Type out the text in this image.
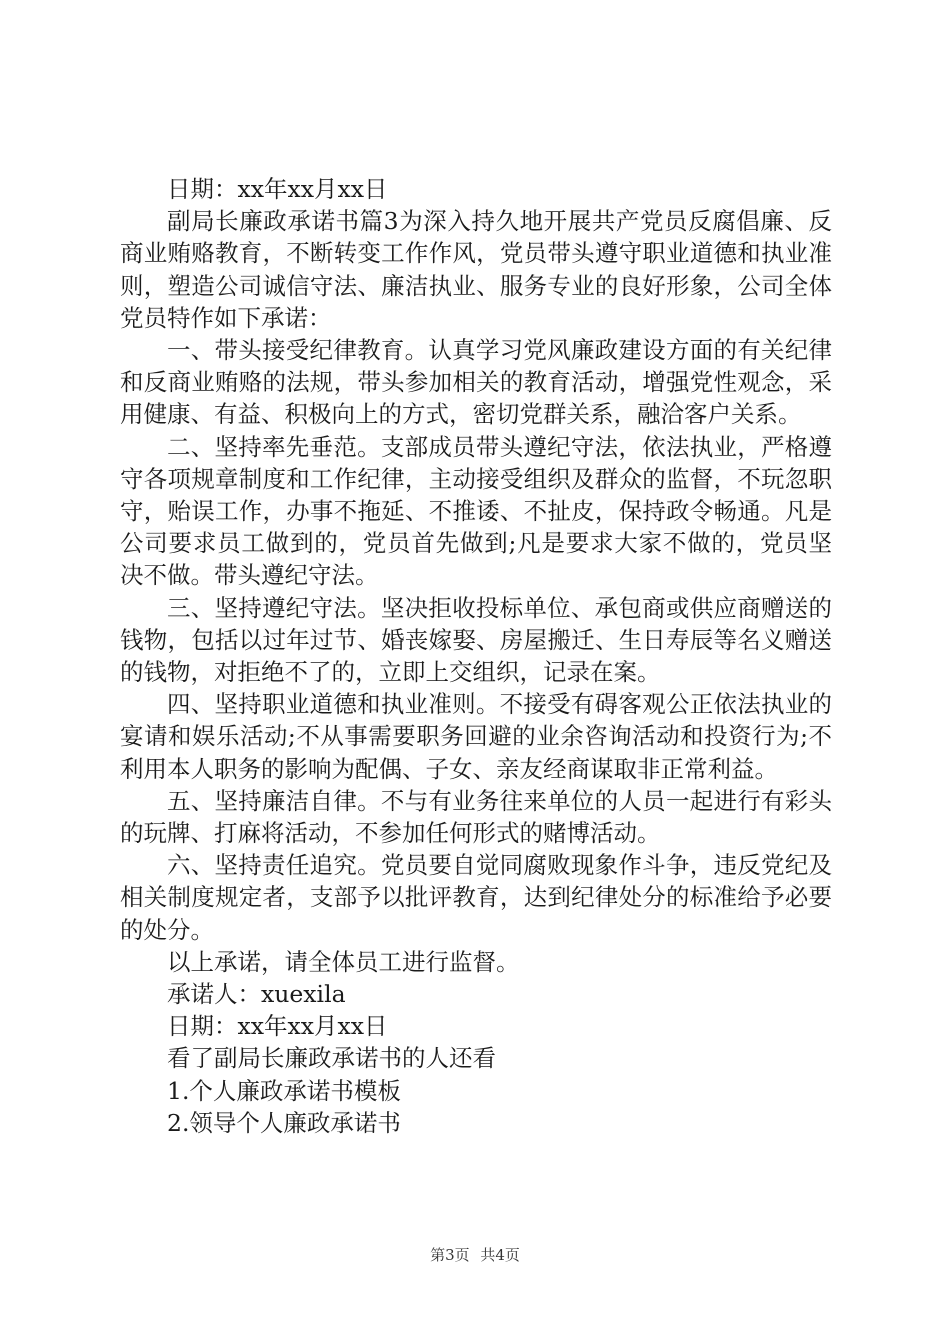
日期：xx年xx月xx日

副局长廉政承诺书篇3为深入持久地开展共产党员反腐倡廉、反商业贿赂教育，不断转变工作作风，党员带头遵守职业道德和执业准则，塑造公司诚信守法、廉洁执业、服务专业的良好形象，公司全体党员特作如下承诺：

一、带头接受纪律教育。认真学习党风廉政建设方面的有关纪律和反商业贿赂的法规，带头参加相关的教育活动，增强党性观念，采用健康、有益、积极向上的方式，密切党群关系，融洽客户关系。

二、坚持率先垂范。支部成员带头遵纪守法，依法执业，严格遵守各项规章制度和工作纪律，主动接受组织及群众的监督，不玩忽职守，贻误工作，办事不拖延、不推诿、不扯皮，保持政令畅通。凡是公司要求员工做到的，党员首先做到;凡是要求大家不做的，党员坚决不做。带头遵纪守法。

三、坚持遵纪守法。坚决拒收投标单位、承包商或供应商赠送的钱物，包括以过年过节、婚丧嫁娶、房屋搬迁、生日寿辰等名义赠送的钱物，对拒绝不了的，立即上交组织，记录在案。

四、坚持职业道德和执业准则。不接受有碍客观公正依法执业的宴请和娱乐活动;不从事需要职务回避的业余咨询活动和投资行为;不利用本人职务的影响为配偶、子女、亲友经商谋取非正常利益。

五、坚持廉洁自律。不与有业务往来单位的人员一起进行有彩头的玩牌、打麻将活动，不参加任何形式的赌博活动。

六、坚持责任追究。党员要自觉同腐败现象作斗争，违反党纪及相关制度规定者，支部予以批评教育，达到纪律处分的标准给予必要的处分。

以上承诺，请全体员工进行监督。

承诺人：xuexila

日期：xx年xx月xx日

看了副局长廉政承诺书的人还看

1.个人廉政承诺书模板

2.领导个人廉政承诺书

第3页 共4页
